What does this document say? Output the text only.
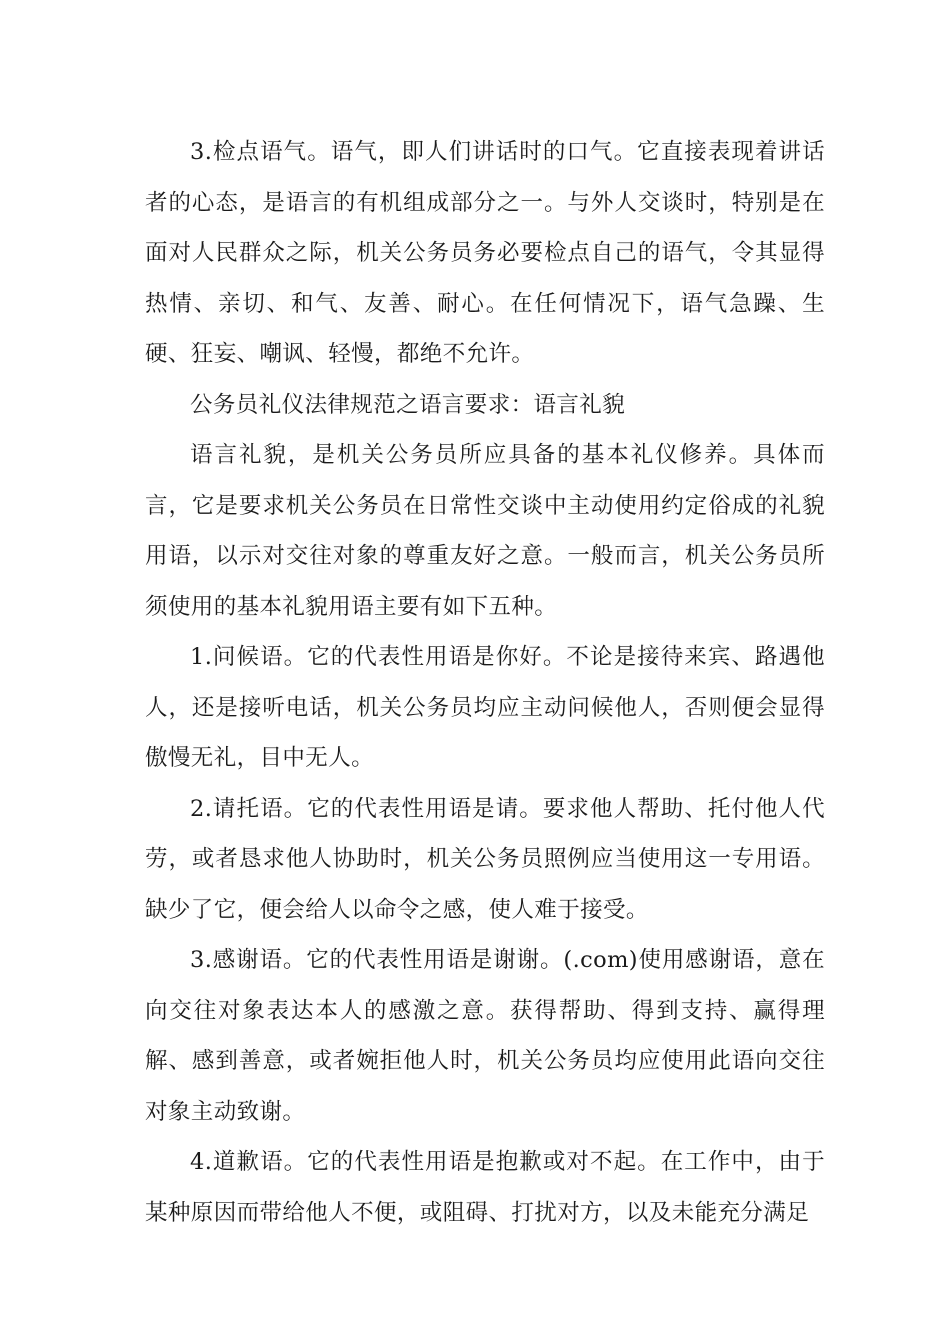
3.检点语气。语气，即人们讲话时的口气。它直接表现着讲话者的心态，是语言的有机组成部分之一。与外人交谈时，特别是在面对人民群众之际，机关公务员务必要检点自己的语气，令其显得热情、亲切、和气、友善、耐心。在任何情况下，语气急躁、生硬、狂妄、嘲讽、轻慢，都绝不允许。

公务员礼仪法律规范之语言要求：语言礼貌

语言礼貌，是机关公务员所应具备的基本礼仪修养。具体而言，它是要求机关公务员在日常性交谈中主动使用约定俗成的礼貌用语，以示对交往对象的尊重友好之意。一般而言，机关公务员所须使用的基本礼貌用语主要有如下五种。

1.问候语。它的代表性用语是你好。不论是接待来宾、路遇他人，还是接听电话，机关公务员均应主动问候他人，否则便会显得傲慢无礼，目中无人。

2.请托语。它的代表性用语是请。要求他人帮助、托付他人代劳，或者恳求他人协助时，机关公务员照例应当使用这一专用语。缺少了它，便会给人以命令之感，使人难于接受。

3.感谢语。它的代表性用语是谢谢。(.com)使用感谢语，意在向交往对象表达本人的感激之意。获得帮助、得到支持、赢得理解、感到善意，或者婉拒他人时，机关公务员均应使用此语向交往对象主动致谢。

4.道歉语。它的代表性用语是抱歉或对不起。在工作中，由于某种原因而带给他人不便，或阻碍、打扰对方，以及未能充分满足
